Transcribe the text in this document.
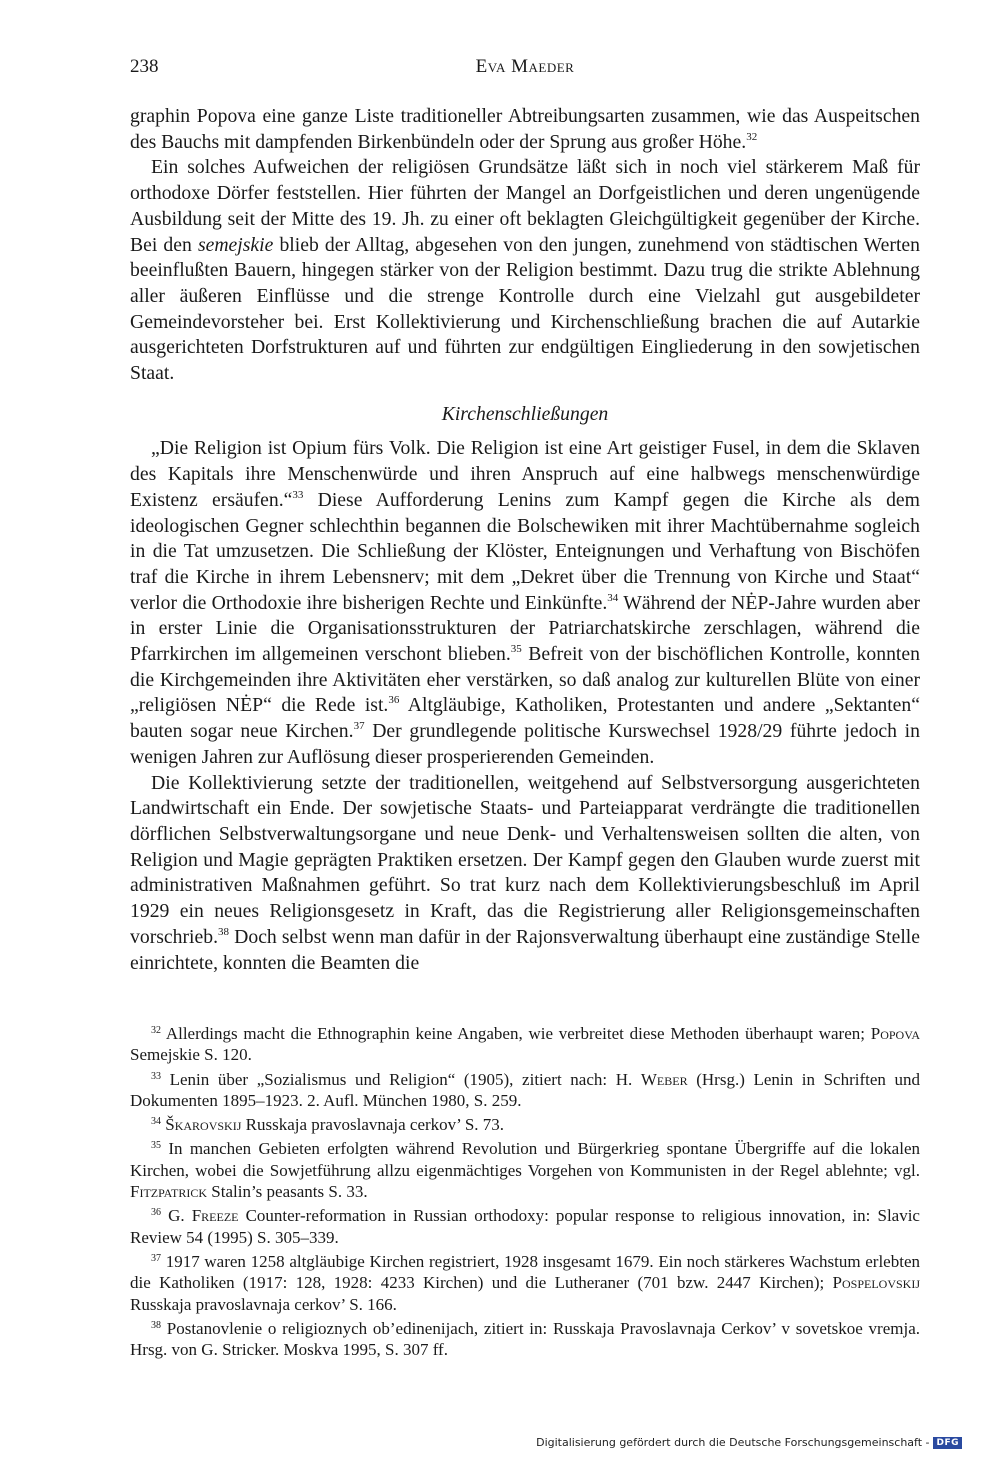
238	Eva Maeder

graphin Popova eine ganze Liste traditioneller Abtreibungsarten zusammen, wie das Auspeitschen des Bauchs mit dampfenden Birkenbündeln oder der Sprung aus großer Höhe.$^{32}$

Ein solches Aufweichen der religiösen Grundsätze läßt sich in noch viel stärkerem Maß für orthodoxe Dörfer feststellen. Hier führten der Mangel an Dorfgeistlichen und deren ungenügende Ausbildung seit der Mitte des 19. Jh. zu einer oft beklagten Gleichgültigkeit gegenüber der Kirche. Bei den semejskie blieb der Alltag, abgesehen von den jungen, zunehmend von städtischen Werten beeinflußten Bauern, hingegen stärker von der Religion bestimmt. Dazu trug die strikte Ablehnung aller äußeren Einflüsse und die strenge Kontrolle durch eine Vielzahl gut ausgebildeter Gemeindevorsteher bei. Erst Kollektivierung und Kirchenschließung brachen die auf Autarkie ausgerichteten Dorfstrukturen auf und führten zur endgültigen Eingliederung in den sowjetischen Staat.

Kirchenschließungen

„Die Religion ist Opium fürs Volk. Die Religion ist eine Art geistiger Fusel, in dem die Sklaven des Kapitals ihre Menschenwürde und ihren Anspruch auf eine halbwegs menschenwürdige Existenz ersäufen.“$^{33}$ Diese Aufforderung Lenins zum Kampf gegen die Kirche als dem ideologischen Gegner schlechthin begannen die Bolschewiken mit ihrer Machtübernahme sogleich in die Tat umzusetzen. Die Schließung der Klöster, Enteignungen und Verhaftung von Bischöfen traf die Kirche in ihrem Lebensnerv; mit dem „Dekret über die Trennung von Kirche und Staat“ verlor die Orthodoxie ihre bisherigen Rechte und Einkünfte.$^{34}$ Während der NĖP-Jahre wurden aber in erster Linie die Organisationsstrukturen der Patriarchatskirche zerschlagen, während die Pfarrkirchen im allgemeinen verschont blieben.$^{35}$ Befreit von der bischöflichen Kontrolle, konnten die Kirchgemeinden ihre Aktivitäten eher verstärken, so daß analog zur kulturellen Blüte von einer „religiösen NĖP“ die Rede ist.$^{36}$ Altgläubige, Katholiken, Protestanten und andere „Sektanten“ bauten sogar neue Kirchen.$^{37}$ Der grundlegende politische Kurswechsel 1928/29 führte jedoch in wenigen Jahren zur Auflösung dieser prosperierenden Gemeinden.

Die Kollektivierung setzte der traditionellen, weitgehend auf Selbstversorgung ausgerichteten Landwirtschaft ein Ende. Der sowjetische Staats- und Parteiapparat verdrängte die traditionellen dörflichen Selbstverwaltungsorgane und neue Denk- und Verhaltensweisen sollten die alten, von Religion und Magie geprägten Praktiken ersetzen. Der Kampf gegen den Glauben wurde zuerst mit administrativen Maßnahmen geführt. So trat kurz nach dem Kollektivierungsbeschluß im April 1929 ein neues Religionsgesetz in Kraft, das die Registrierung aller Religionsgemeinschaften vorschrieb.$^{38}$ Doch selbst wenn man dafür in der Rajonsverwaltung überhaupt eine zuständige Stelle einrichtete, konnten die Beamten die

$^{32}$ Allerdings macht die Ethnographin keine Angaben, wie verbreitet diese Methoden überhaupt waren; Popova Semejskie S. 120.

$^{33}$ Lenin über „Sozialismus und Religion“ (1905), zitiert nach: H. Weber (Hrsg.) Lenin in Schriften und Dokumenten 1895–1923. 2. Aufl. München 1980, S. 259.

$^{34}$ Škarovskij Russkaja pravoslavnaja cerkov’ S. 73.

$^{35}$ In manchen Gebieten erfolgten während Revolution und Bürgerkrieg spontane Übergriffe auf die lokalen Kirchen, wobei die Sowjetführung allzu eigenmächtiges Vorgehen von Kommunisten in der Regel ablehnte; vgl. Fitzpatrick Stalin’s peasants S. 33.

$^{36}$ G. Freeze Counter-reformation in Russian orthodoxy: popular response to religious innovation, in: Slavic Review 54 (1995) S. 305–339.

$^{37}$ 1917 waren 1258 altgläubige Kirchen registriert, 1928 insgesamt 1679. Ein noch stärkeres Wachstum erlebten die Katholiken (1917: 128, 1928: 4233 Kirchen) und die Lutheraner (701 bzw. 2447 Kirchen); Pospelovskij Russkaja pravoslavnaja cerkov’ S. 166.

$^{38}$ Postanovlenie o religioznych ob’edinenijach, zitiert in: Russkaja Pravoslavnaja Cerkov’ v sovetskoe vremja. Hrsg. von G. Stricker. Moskva 1995, S. 307 ff.

Digitalisierung gefördert durch die Deutsche Forschungsgemeinschaft - DFG
